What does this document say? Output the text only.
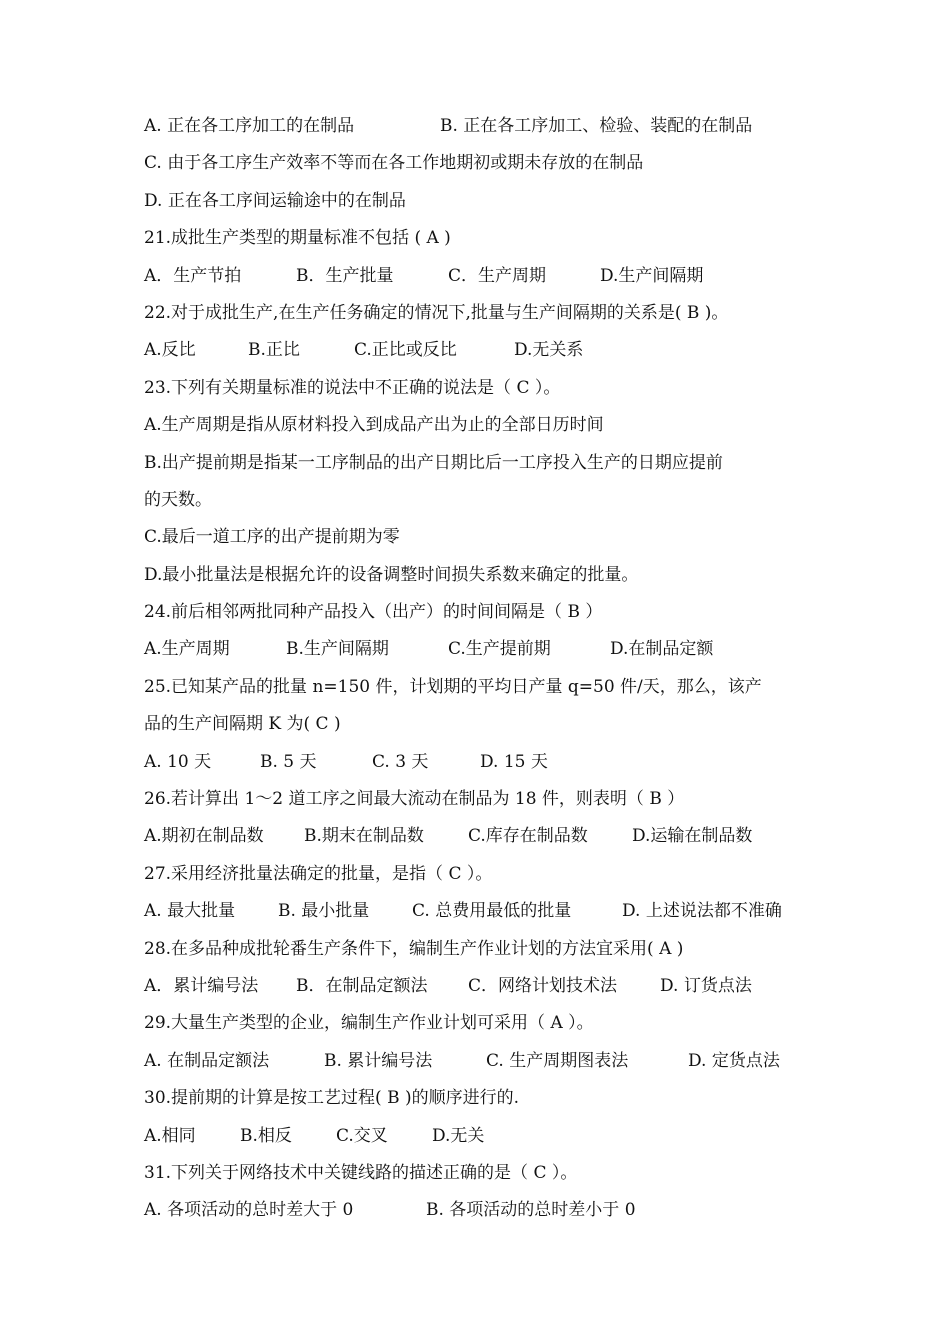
A. 正在各工序加工的在制品	B. 正在各工序加工、检验、装配的在制品
C. 由于各工序生产效率不等而在各工作地期初或期未存放的在制品
D. 正在各工序间运输途中的在制品
21.成批生产类型的期量标准不包括 ( A )
A．生产节拍	B．生产批量	C．生产周期	D.生产间隔期
22.对于成批生产,在生产任务确定的情况下,批量与生产间隔期的关系是( B )。
A.反比	B.正比	C.正比或反比	D.无关系
23.下列有关期量标准的说法中不正确的说法是（ C ）。
A.生产周期是指从原材料投入到成品产出为止的全部日历时间
B.出产提前期是指某一工序制品的出产日期比后一工序投入生产的日期应提前
的天数。
C.最后一道工序的出产提前期为零
D.最小批量法是根据允许的设备调整时间损失系数来确定的批量。
24.前后相邻两批同种产品投入（出产）的时间间隔是（ B ）
A.生产周期	B.生产间隔期	C.生产提前期	D.在制品定额
25.已知某产品的批量 n=150 件，计划期的平均日产量 q=50 件/天，那么，该产
品的生产间隔期 K 为( C )
A. 10 天	B. 5 天	C. 3 天	D. 15 天
26.若计算出 1～2 道工序之间最大流动在制品为 18 件，则表明（ B ）
A.期初在制品数 B.期末在制品数	C.库存在制品数	D.运输在制品数
27.采用经济批量法确定的批量，是指（ C ）。
A. 最大批量	B. 最小批量	C. 总费用最低的批量	D. 上述说法都不准确
28.在多品种成批轮番生产条件下，编制生产作业计划的方法宜采用( A )
A．累计编号法 B．在制品定额法 C．网络计划技术法	D. 订货点法
29.大量生产类型的企业，编制生产作业计划可采用（ A ）。
A. 在制品定额法	B. 累计编号法	C. 生产周期图表法	D. 定货点法
30.提前期的计算是按工艺过程( B )的顺序进行的.
A.相同	B.相反	C.交叉	D.无关
31.下列关于网络技术中关键线路的描述正确的是（ C ）。
A. 各项活动的总时差大于 0	B. 各项活动的总时差小于 0
